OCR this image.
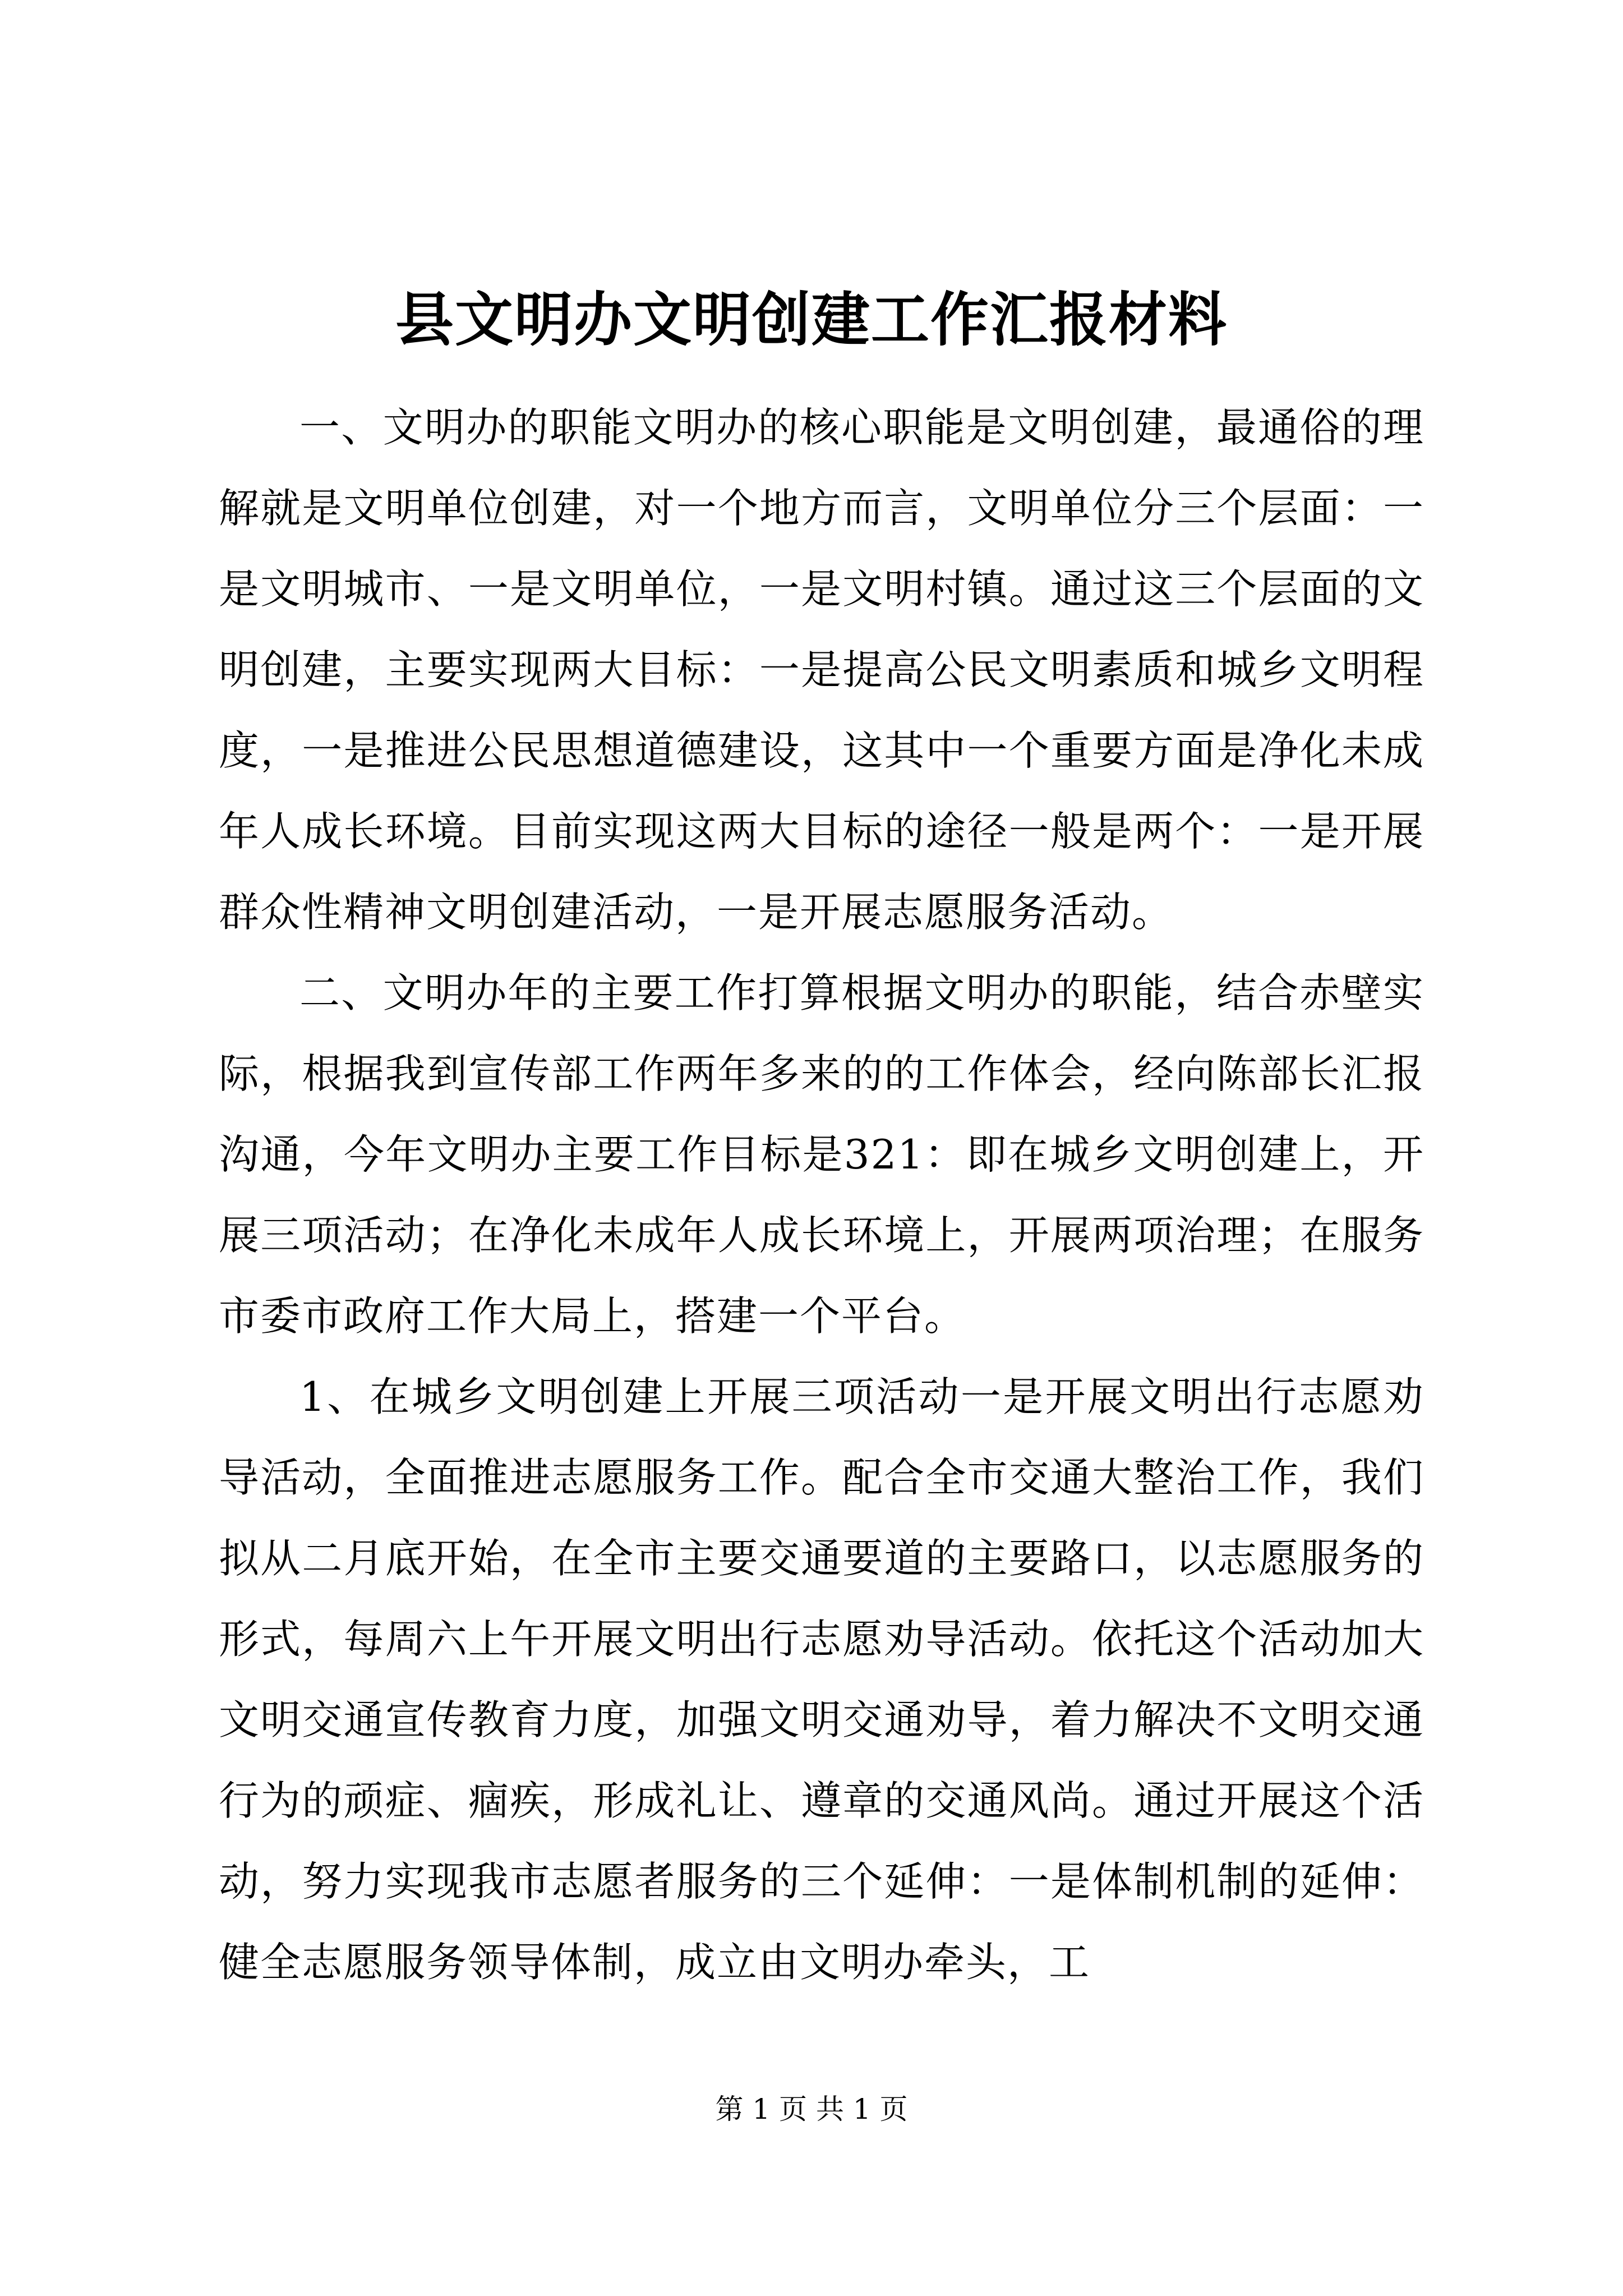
县文明办文明创建工作汇报材料

一、文明办的职能文明办的核心职能是文明创建，最通俗的理解就是文明单位创建，对一个地方而言，文明单位分三个层面：一是文明城市、一是文明单位，一是文明村镇。通过这三个层面的文明创建，主要实现两大目标：一是提高公民文明素质和城乡文明程度，一是推进公民思想道德建设，这其中一个重要方面是净化未成年人成长环境。目前实现这两大目标的途径一般是两个：一是开展群众性精神文明创建活动，一是开展志愿服务活动。

二、文明办年的主要工作打算根据文明办的职能，结合赤壁实际，根据我到宣传部工作两年多来的的工作体会，经向陈部长汇报沟通，今年文明办主要工作目标是321：即在城乡文明创建上，开展三项活动；在净化未成年人成长环境上，开展两项治理；在服务市委市政府工作大局上，搭建一个平台。

1、在城乡文明创建上开展三项活动一是开展文明出行志愿劝导活动，全面推进志愿服务工作。配合全市交通大整治工作，我们拟从二月底开始，在全市主要交通要道的主要路口，以志愿服务的形式，每周六上午开展文明出行志愿劝导活动。依托这个活动加大文明交通宣传教育力度，加强文明交通劝导，着力解决不文明交通行为的顽症、痼疾，形成礼让、遵章的交通风尚。通过开展这个活动，努力实现我市志愿者服务的三个延伸：一是体制机制的延伸：健全志愿服务领导体制，成立由文明办牵头，工

第 1 页 共 1 页
